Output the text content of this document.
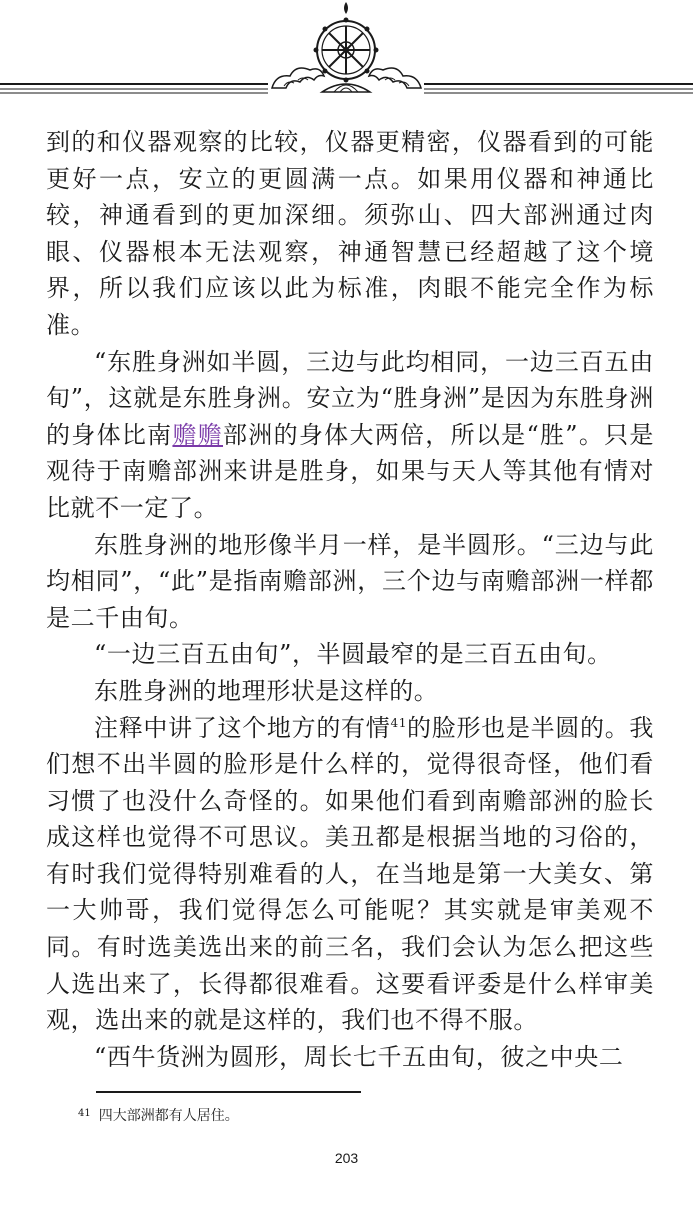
到的和仪器观察的比较，仪器更精密，仪器看到的可能更好一点，安立的更圆满一点。如果用仪器和神通比较，神通看到的更加深细。须弥山、四大部洲通过肉眼、仪器根本无法观察，神通智慧已经超越了这个境界，所以我们应该以此为标准，肉眼不能完全作为标准。

“东胜身洲如半圆，三边与此均相同，一边三百五由旬”，这就是东胜身洲。安立为“胜身洲”是因为东胜身洲的身体比南赡赡部洲的身体大两倍，所以是“胜”。只是观待于南赡部洲来讲是胜身，如果与天人等其他有情对比就不一定了。

东胜身洲的地形像半月一样，是半圆形。“三边与此均相同”，“此”是指南赡部洲，三个边与南赡部洲一样都是二千由旬。

“一边三百五由旬”，半圆最窄的是三百五由旬。

东胜身洲的地理形状是这样的。

注释中讲了这个地方的有情$^{41}$的脸形也是半圆的。我们想不出半圆的脸形是什么样的，觉得很奇怪，他们看习惯了也没什么奇怪的。如果他们看到南赡部洲的脸长成这样也觉得不可思议。美丑都是根据当地的习俗的，有时我们觉得特别难看的人，在当地是第一大美女、第一大帅哥，我们觉得怎么可能呢？其实就是审美观不同。有时选美选出来的前三名，我们会认为怎么把这些人选出来了，长得都很难看。这要看评委是什么样审美观，选出来的就是这样的，我们也不得不服。

“西牛货洲为圆形，周长七千五由旬，彼之中央二

$^{41}$ 四大部洲都有人居住。
203
